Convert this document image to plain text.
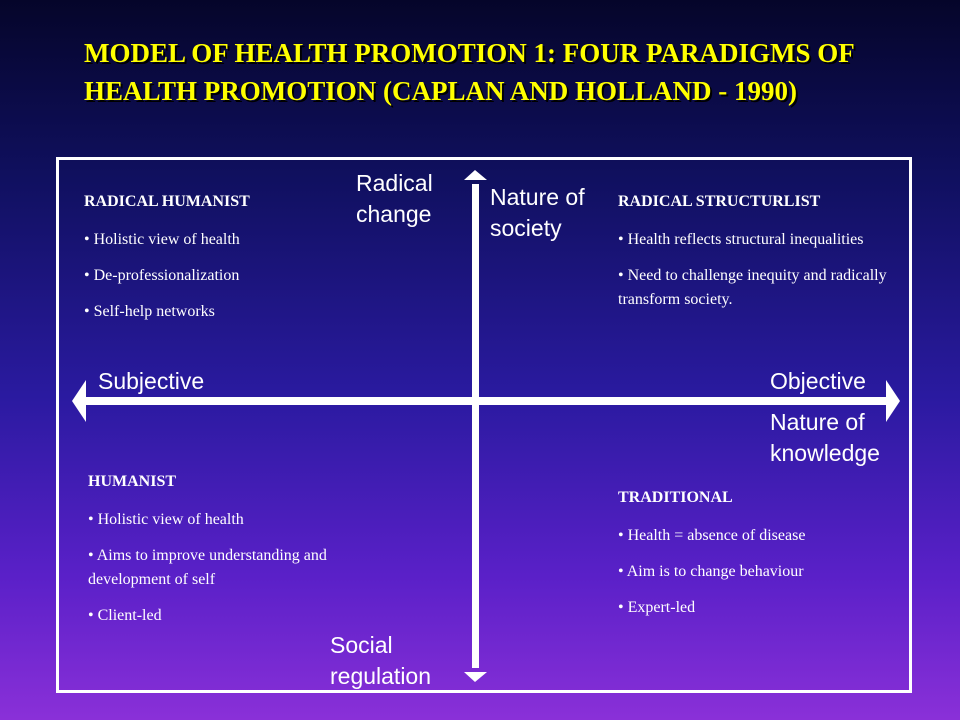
MODEL OF HEALTH PROMOTION 1: FOUR PARADIGMS OF HEALTH PROMOTION (CAPLAN AND HOLLAND - 1990)
Radical change
Nature of society
Subjective	Objective
Nature of knowledge
Social regulation
RADICAL HUMANIST
• Holistic view of health
• De-professionalization
• Self-help networks
RADICAL STRUCTURLIST
• Health reflects structural inequalities
• Need to challenge inequity and radically transform society.
HUMANIST
• Holistic view of health
• Aims to improve understanding and development of self
• Client-led
TRADITIONAL
• Health = absence of disease
• Aim is to change behaviour
• Expert-led
